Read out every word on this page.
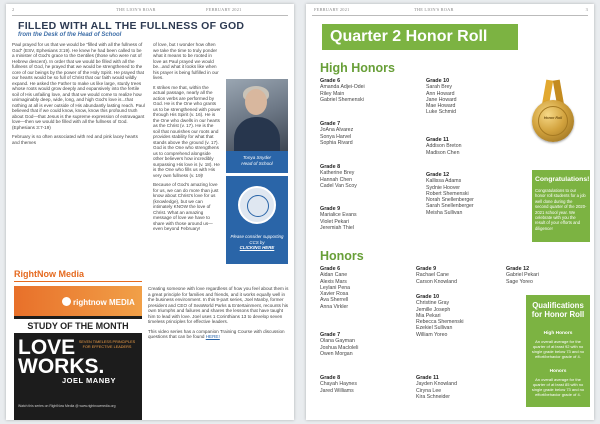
2	THE LION'S ROAR	FEBRUARY 2021
FILLED WITH ALL THE FULLNESS OF GOD
from the Desk of the Head of School

Paul prayed for us that we would be “filled with all the fullness of God” (ESV, Ephesians 3:19). He knew he had been called to be a minister of God’s grace to the Gentiles (those who were not of Hebrew descent). In order that we would be filled with all the fullness of God, he prayed that we would be strengthened to the core of our beings by the power of the Holy Spirit. He prayed that our hearts would be so full of Christ that our faith would wildly expand. He asked the Father to make us like large, sturdy trees whose roots would grow deeply and expansively into the fertile soil of His unfailing love, and that we would come to realize how unimaginably deep, wide, long, and high God’s love is...that nothing at all is ever outside of His abundantly lasting reach. Paul believed that if we could know, know, know this profound truth about God—that Jesus is the supreme expression of extravagant love—then we would be filled with all the fullness of God. (Ephesians 3:7-19)

February is so often associated with red and pink lacey hearts and themes

of love, but I wonder how often we take the time to truly ponder what it means to be rooted in love as Paul prayed we would be...and what it looks like when his prayer is being fulfilled in our lives.

It strikes me that, within the actual passage, nearly all the action verbs are performed by God. He is the One who grants us to be strengthened with power through His Spirit (v. 16). He is the One who dwells in our hearts as the Christ (v. 17). He is the soil that nourishes our roots and provides stability for what that stands above the ground (v. 17). God is the One who strengthens us to comprehend alongside other believers how incredibly surpassing His love is (v. 18). He is the One who fills us with His very own fullness (v. 19)!

Because of God’s amazing love for us, we can do more than just know about Christ’s love for us (knowledge), but we can intimately KNOW the love of Christ. What an amazing message of love we have to share with those around us—even beyond February!

Tonya Snyder
Head of School
Please consider supporting CCS by
CLICKING HERE
RightNow Media
rightnow MEDIA
STUDY OF THE MONTH
LOVE
WORKS.
SEVEN TIMELESS PRINCIPLES FOR EFFECTIVE LEADERS
JOEL MANBY
Watch this series on RightNow Media @ www.rightnowmedia.org

Creating someone with love regardless of how you feel about them is a great principle for families and friends, and it works equally well in the business environment. In this 9-part series, Joel Manby, former president and CEO of SeaWorld Parks & Entertainment, recounts his own triumphs and failures and shares the lessons that have taught him to lead with love. Joel uses 1 Corinthians 13 to develop seven timeless principles for effective leaders.

This video series has a companion Training Course with discussion questions that can be found HERE!

FEBRUARY 2021	THE LION'S ROAR	3
Quarter 2 Honor Roll
High Honors
Grade 6
Amanda Adjei-Odei
Riley Main
Gabriel Shemenski
Grade 7
JoAna Alvarez
Sonya Harvel
Sophia Rivard
Grade 8
Katherine Brey
Hannah Chen
Cadel Van Scoy
Grade 9
Marialice Evans
Violet Pekari
Jeremiah Thiel
Grade 10
Sarah Brey
Ann Howard
Jane Howard
Mae Howard
Luke Schmid
Grade 11
Addison Breton
Madison Chen
Grade 12
Kallissa Adams
Sydnie Hoover
Robert Shemenski
Norah Snellenberger
Sarah Snellenberger
Meisha Sullivan
Honor Roll
Congratulations!
Congratulations to our honor roll students for a job well done during the second quarter of the 2020-2021 school year. We celebrate with you the result of your efforts and diligence!
Honors
Grade 6
Aidan Cane
Alexis Mars
Leylani Pena
Xavier Rosa
Ava Sherrell
Anna Virkler
Grade 7
Olana Gayman
Joshua Macloleli
Owen Morgan
Grade 8
Chayah Haynes
Jared Williams
Grade 9
Rachael Cane
Carson Knowland
Grade 10
Christine Gray
Jemille Joseph
Mia Pekari
Rebecca Shemenski
Ezekiel Sullivan
William Yoreo
Grade 11
Jayden Knowland
Ciryna Lee
Kira Schneider
Grade 12
Gabriel Pekari
Sage Yoreo
Qualifications for Honor Roll
High Honors
An overall average for the quarter of at least 92 with no single grade below 73 and no effort/behavior grade of 4.
Honors
An overall average for the quarter of at least 85 with no single grade below 73 and no effort/behavior grade of 4.
